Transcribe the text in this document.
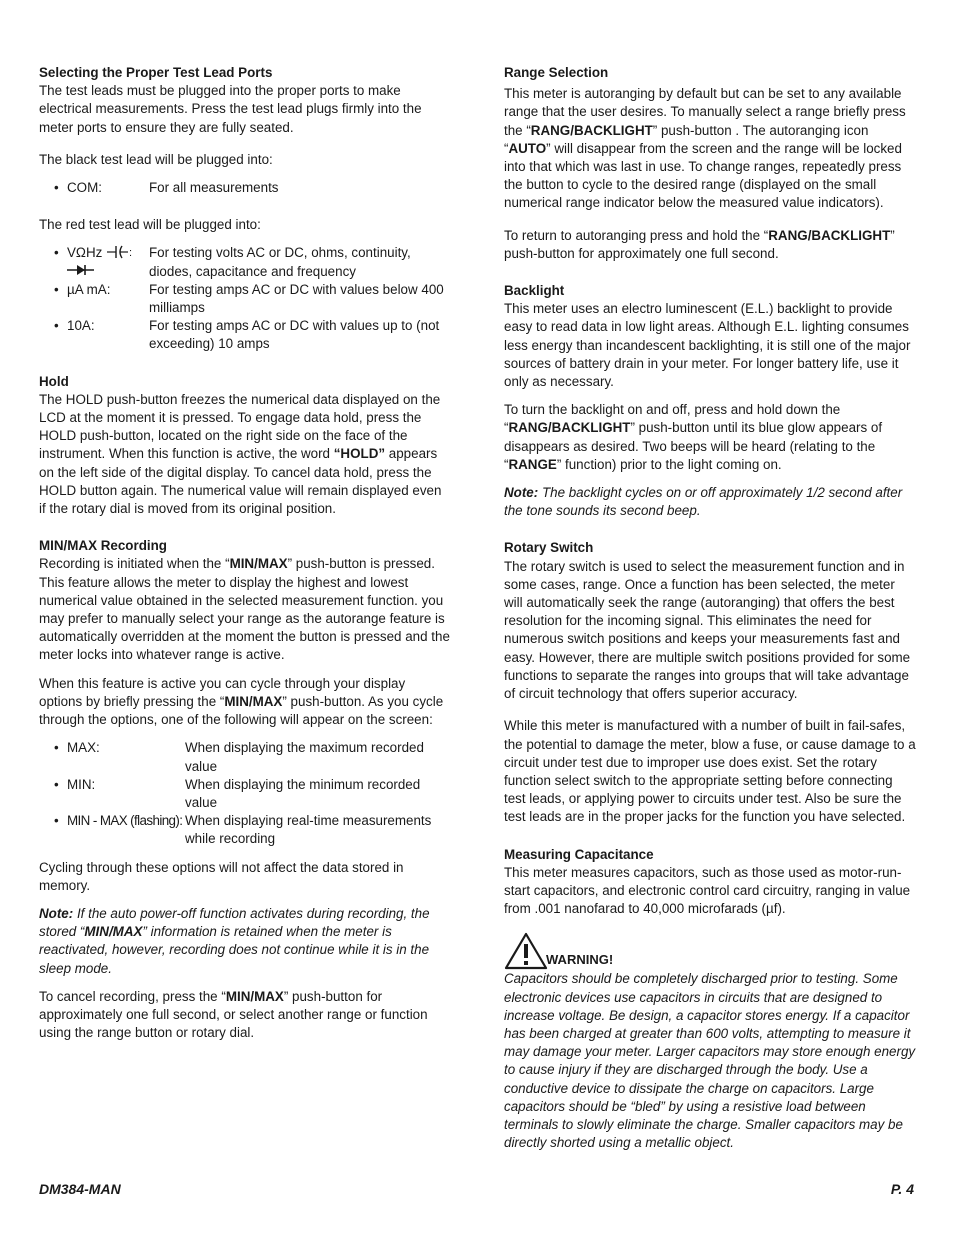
Selecting the Proper Test Lead Ports

The test leads must be plugged into the proper ports to make electrical measurements. Press the test lead plugs firmly into the meter ports to ensure they are fully seated.

The black test lead will be plugged into:

• COM:	For all measurements

The red test lead will be plugged into:

• VΩHz : For testing volts AC or DC, ohms, continuity, diodes, capacitance and frequency
• µA mA:	For testing amps AC or DC with values below 400 milliamps
• 10A:	For testing amps AC or DC with values up to (not exceeding) 10 amps

Hold

The HOLD push-button freezes the numerical data displayed on the LCD at the moment it is pressed. To engage data hold, press the HOLD push-button, located on the right side on the face of the instrument. When this function is active, the word “HOLD” appears on the left side of the digital display. To cancel data hold, press the HOLD button again. The numerical value will remain displayed even if the rotary dial is moved from its original position.

MIN/MAX Recording

Recording is initiated when the “MIN/MAX” push-button is pressed. This feature allows the meter to display the highest and lowest numerical value obtained in the selected measurement function. you may prefer to manually select your range as the autorange feature is automatically overridden at the moment the button is pressed and the meter locks into whatever range is active.

When this feature is active you can cycle through your display options by briefly pressing the “MIN/MAX” push-button. As you cycle through the options, one of the following will appear on the screen:

• MAX:	When displaying the maximum recorded value
• MIN:	When displaying the minimum recorded value
• MIN - MAX (flashing): When displaying real-time measurements while recording

Cycling through these options will not affect the data stored in memory.

Note: If the auto power-off function activates during recording, the stored “MIN/MAX” information is retained when the meter is reactivated, however, recording does not continue while it is in the sleep mode.

To cancel recording, press the “MIN/MAX” push-button for approximately one full second, or select another range or function using the range button or rotary dial.

Range Selection

This meter is autoranging by default but can be set to any available range that the user desires. To manually select a range briefly press the “RANG/BACKLIGHT” push-button . The autoranging icon “AUTO” will disappear from the screen and the range will be locked into that which was last in use. To change ranges, repeatedly press the button to cycle to the desired range (displayed on the small numerical range indicator below the measured value indicators).

To return to autoranging press and hold the “RANG/BACKLIGHT” push-button for approximately one full second.

Backlight

This meter uses an electro luminescent (E.L.) backlight to provide easy to read data in low light areas. Although E.L. lighting consumes less energy than incandescent backlighting, it is still one of the major sources of battery drain in your meter. For longer battery life, use it only as necessary.

To turn the backlight on and off, press and hold down the “RANG/BACKLIGHT” push-button until its blue glow appears of disappears as desired. Two beeps will be heard (relating to the “RANGE” function) prior to the light coming on.

Note: The backlight cycles on or off approximately 1/2 second after the tone sounds its second beep.

Rotary Switch

The rotary switch is used to select the measurement function and in some cases, range. Once a function has been selected, the meter will automatically seek the range (autoranging) that offers the best resolution for the incoming signal. This eliminates the need for numerous switch positions and keeps your measurements fast and easy. However, there are multiple switch positions provided for some functions to separate the ranges into groups that will take advantage of circuit technology that offers superior accuracy.

While this meter is manufactured with a number of built in fail-safes, the potential to damage the meter, blow a fuse, or cause damage to a circuit under test due to improper use does exist. Set the rotary function select switch to the appropriate setting before connecting test leads, or applying power to circuits under test. Also be sure the test leads are in the proper jacks for the function you have selected.

Measuring Capacitance

This meter measures capacitors, such as those used as motor-run-start capacitors, and electronic control card circuitry, ranging in value from .001 nanofarad to 40,000 microfarads (µf).

WARNING!

Capacitors should be completely discharged prior to testing. Some electronic devices use capacitors in circuits that are designed to increase voltage. Be design, a capacitor stores energy. If a capacitor has been charged at greater than 600 volts, attempting to measure it may damage your meter. Larger capacitors may store enough energy to cause injury if they are discharged through the body. Use a conductive device to dissipate the charge on capacitors. Large capacitors should be “bled” by using a resistive load between terminals to slowly eliminate the charge. Smaller capacitors may be directly shorted using a metallic object.

DM384-MAN	P. 4
